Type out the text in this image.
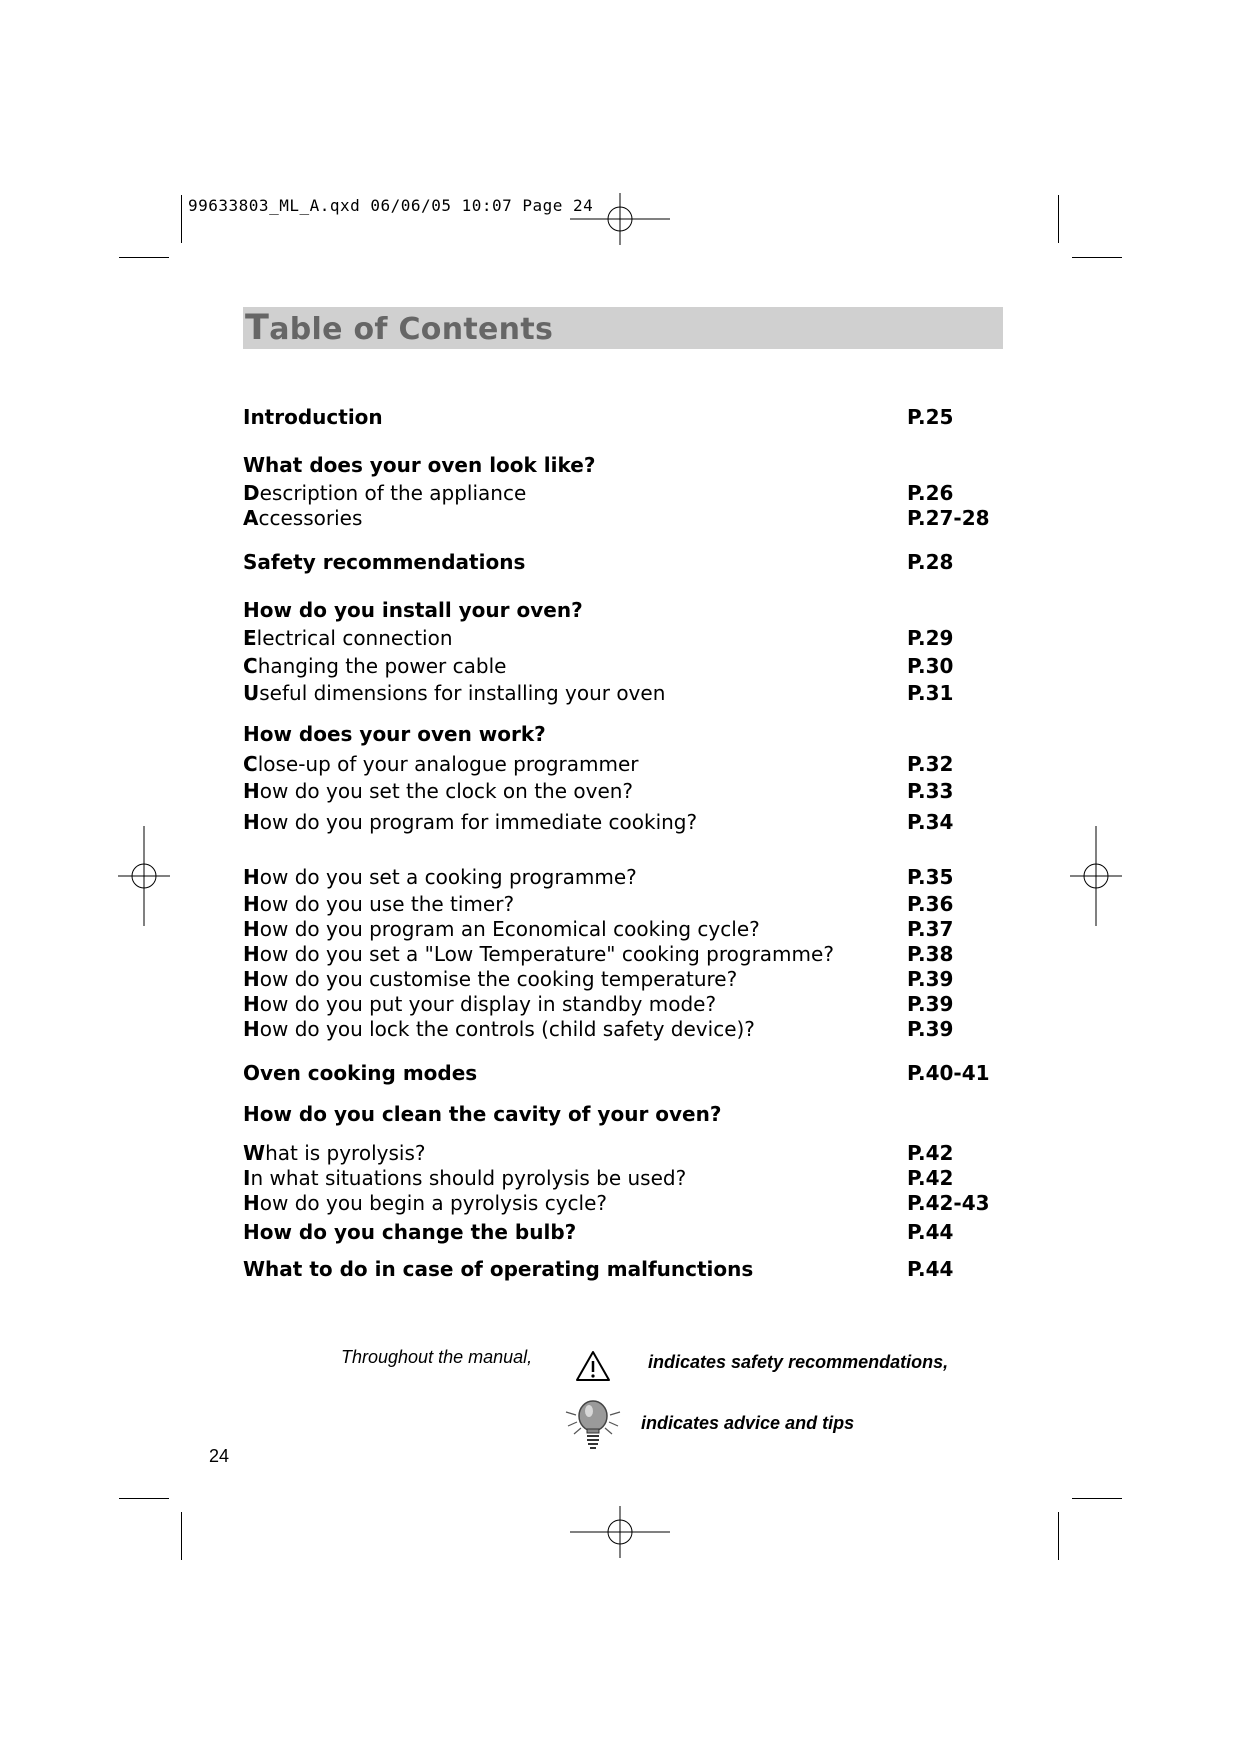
99633803_ML_A.qxd 06/06/05 10:07 Page 24
Table of Contents
Introduction	P.25
What does your oven look like?
Description of the appliance	P.26
Accessories	P.27-28
Safety recommendations	P.28
How do you install your oven?
Electrical connection	P.29
Changing the power cable	P.30
Useful dimensions for installing your oven	P.31
How does your oven work?
Close-up of your analogue programmer	P.32
How do you set the clock on the oven?	P.33
How do you program for immediate cooking?	P.34
How do you set a cooking programme?	P.35
How do you use the timer?	P.36
How do you program an Economical cooking cycle?	P.37
How do you set a "Low Temperature" cooking programme?	P.38
How do you customise the cooking temperature?	P.39
How do you put your display in standby mode?	P.39
How do you lock the controls (child safety device)?	P.39
Oven cooking modes	P.40-41
How do you clean the cavity of your oven?
What is pyrolysis?	P.42
In what situations should pyrolysis be used?	P.42
How do you begin a pyrolysis cycle?	P.42-43
How do you change the bulb?	P.44
What to do in case of operating malfunctions	P.44
Throughout the manual,	indicates safety recommendations,
indicates advice and tips
24
